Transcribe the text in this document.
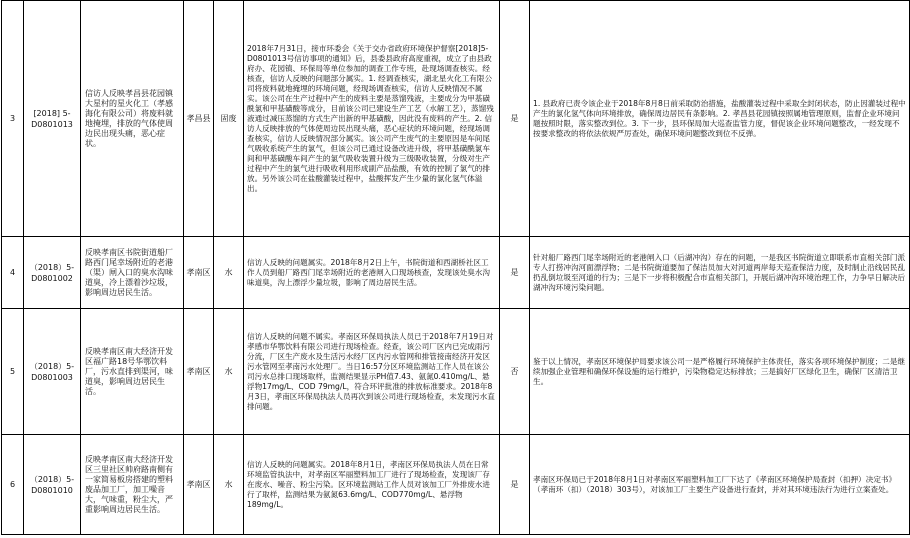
3	[2018] 5-D0801013	信访人反映孝昌县花园镇大星村的星火化工（孝感海化有限公司）将废料就地掩埋，排放的气体使周边民出现头痛，恶心症状。	孝昌县	固废	2018年7月31日，接市环委会《关于交办省政府环境保护督察[2018]5-D0801013号信访事项的通知》后，县委县政府高度重视，成立了由县政府办、花园镇、环保局等单位参加的调查工作专班，赴现场调查核实。经核查，信访人反映的问题部分属实。1. 经调查核实，湖北星火化工有限公司将废料就地掩埋的环境问题，经现场调查核实，信访人反映情况不属实。该公司在生产过程中产生的废料主要是蒸馏残液，主要成分为甲基磺酰氯和甲基磺酸等成分，目前该公司已建设生产工艺（水解工艺），蒸馏残液通过减压蒸馏的方式生产出新的甲基磺酸，因此没有废料的产生。2. 信访人反映排放的气体使周边民出现头痛，恶心症状的环境问题，经现场调查核实，信访人反映情况部分属实。该公司产生废气的主要原因是车间尾气吸收系统产生的氯气，但该公司已通过设备改进升级，将甲基磺酰氯车间和甲基磺酸车间产生的氯气吸收装置升级为三级吸收装置，分级对生产过程中产生的氯气进行吸收利用形成副产品盐酸，有效的控制了氯气的排放。另外该公司在盐酸灌装过程中，盐酸挥发产生少量的氯化氢气体溢出。	是	1. 县政府已责令该企业于2018年8月8日前采取防治措施，盐酸灌装过程中采取全封闭状态，防止因灌装过程中产生的氯化氢气体向环境排放，确保周边居民有条影响。2. 孝昌县花园镇按照属地管理原则，监督企业环境问题按照时限，落实整改到位。3. 下一步，县环保局加大巡查监管力度，督促该企业环境问题整改，一经发现不按要求整改的将依法依规严厉查处，确保环境问题整改到位不反弹。
4	（2018）5-D0801002	反映孝南区书院街道船厂路西门尾幸场附近的老港（渠）闸入口的臭水沟味道臭，冷上漂着沙垃圾，影响周边居民生活。	孝南区	水	信访人反映的问题属实。2018年8月2日上午，书院街道和西湖桥社区工作人员到船厂路西门尾幸场附近的老港闸入口现场核查，发现该处臭水沟味道臭，沟上漂浮少量垃圾，影响了周边居民生活。	是	针对船厂路西门尾幸场附近的老港闸入口（后湖冲沟）存在的问题，一是我区书院街道立即联系市直相关部门派专人打捞冲沟河面漂浮物；二是书院街道要加了保洁员加大对河道两岸每天巡查保洁力度，及时制止沿线居民乱扔乱倒垃圾至河道的行为；三是下一步将积极配合市直相关部门，开展后湖冲沟环境治理工作，力争早日解决后湖冲沟环境污染问题。
5	（2018）5-D0801003	反映孝南区南大经济开发区福广路18号华鄂饮料厂，污水直排到渠河，味道臭，影响周边居民生活。	孝南区	水	信访人反映的问题不属实。孝南区环保局执法人员已于2018年7月19日对孝感市华鄂饮料有限公司进行现场检查。经查，该公司厂区内已完成雨污分流，厂区生产废水及生活污水经厂区内污水管网和排管接南经济开发区污水管网至孝南污水处理厂。当日16:57分区环境监测站工作人员在该公司污水总排口现场取样，监测结果显示PH值7.43、氨氮0.410mg/L、悬浮物17mg/L、COD 79mg/L，符合环评批准的排放标准要求。2018年8月3日，孝南区环保局执法人员再次到该公司进行现场检查，未发现污水直排问题。	否	鉴于以上情况，孝南区环境保护局要求该公司一是严格履行环境保护主体责任，落实各项环境保护制度；二是继续加强企业管理和确保环保设施的运行维护，污染物稳定达标排放；三是搞好厂区绿化卫生，确保厂区清洁卫生。
6	（2018）5-D0801010	反映孝南区南大经济开发区三里社区帅府路南侧有一家简易板房搭建的塑料废品加工厂，加工噪音大，气味重，粉尘大，严重影响周边居民生活。	孝南区	水	信访人反映的问题属实。2018年8月1日，孝南区环保局执法人员在日常环境监管执法中，对孝南区军丽塑料加工厂进行了现场检查，发现该厂存在废水、噪音、粉尘污染。区环境监测站工作人员对该加工厂外排废水进行了取样，监测结果为氨氮63.6mg/L、COD770mg/L、悬浮物189mg/L。	是	孝南区环保局已于2018年8月1日对孝南区军丽塑料加工厂下达了《孝南区环境保护局查封（扣押）决定书》（孝南环（扣）（2018）303号），对该加工厂主要生产设备进行查封，并对其环境违法行为进行立案查处。
